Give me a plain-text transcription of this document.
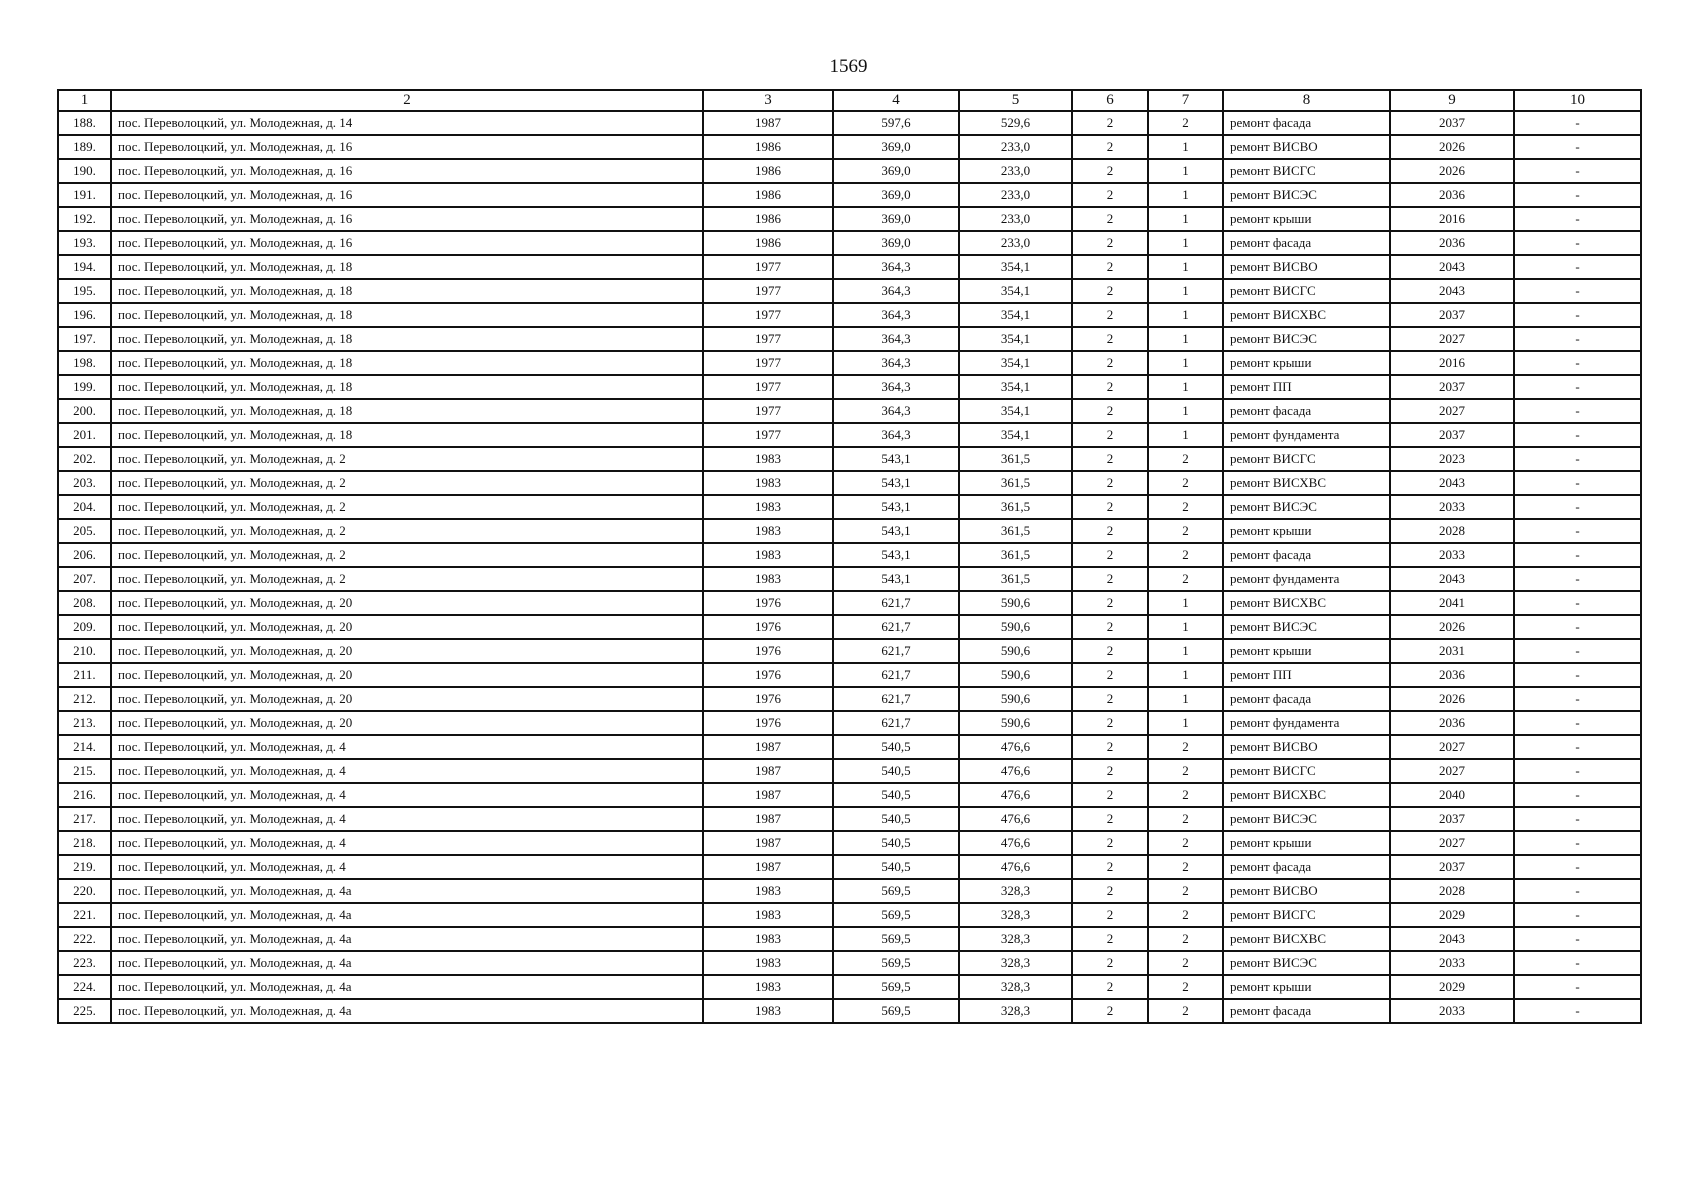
1569
1	2	3	4	5	6	7	8	9	10
188.	пос. Переволоцкий, ул. Молодежная, д. 14	1987	597,6	529,6	2	2	ремонт фасада	2037	-
189.	пос. Переволоцкий, ул. Молодежная, д. 16	1986	369,0	233,0	2	1	ремонт ВИСВО	2026	-
190.	пос. Переволоцкий, ул. Молодежная, д. 16	1986	369,0	233,0	2	1	ремонт ВИСГС	2026	-
191.	пос. Переволоцкий, ул. Молодежная, д. 16	1986	369,0	233,0	2	1	ремонт ВИСЭС	2036	-
192.	пос. Переволоцкий, ул. Молодежная, д. 16	1986	369,0	233,0	2	1	ремонт крыши	2016	-
193.	пос. Переволоцкий, ул. Молодежная, д. 16	1986	369,0	233,0	2	1	ремонт фасада	2036	-
194.	пос. Переволоцкий, ул. Молодежная, д. 18	1977	364,3	354,1	2	1	ремонт ВИСВО	2043	-
195.	пос. Переволоцкий, ул. Молодежная, д. 18	1977	364,3	354,1	2	1	ремонт ВИСГС	2043	-
196.	пос. Переволоцкий, ул. Молодежная, д. 18	1977	364,3	354,1	2	1	ремонт ВИСХВС	2037	-
197.	пос. Переволоцкий, ул. Молодежная, д. 18	1977	364,3	354,1	2	1	ремонт ВИСЭС	2027	-
198.	пос. Переволоцкий, ул. Молодежная, д. 18	1977	364,3	354,1	2	1	ремонт крыши	2016	-
199.	пос. Переволоцкий, ул. Молодежная, д. 18	1977	364,3	354,1	2	1	ремонт ПП	2037	-
200.	пос. Переволоцкий, ул. Молодежная, д. 18	1977	364,3	354,1	2	1	ремонт фасада	2027	-
201.	пос. Переволоцкий, ул. Молодежная, д. 18	1977	364,3	354,1	2	1	ремонт фундамента	2037	-
202.	пос. Переволоцкий, ул. Молодежная, д. 2	1983	543,1	361,5	2	2	ремонт ВИСГС	2023	-
203.	пос. Переволоцкий, ул. Молодежная, д. 2	1983	543,1	361,5	2	2	ремонт ВИСХВС	2043	-
204.	пос. Переволоцкий, ул. Молодежная, д. 2	1983	543,1	361,5	2	2	ремонт ВИСЭС	2033	-
205.	пос. Переволоцкий, ул. Молодежная, д. 2	1983	543,1	361,5	2	2	ремонт крыши	2028	-
206.	пос. Переволоцкий, ул. Молодежная, д. 2	1983	543,1	361,5	2	2	ремонт фасада	2033	-
207.	пос. Переволоцкий, ул. Молодежная, д. 2	1983	543,1	361,5	2	2	ремонт фундамента	2043	-
208.	пос. Переволоцкий, ул. Молодежная, д. 20	1976	621,7	590,6	2	1	ремонт ВИСХВС	2041	-
209.	пос. Переволоцкий, ул. Молодежная, д. 20	1976	621,7	590,6	2	1	ремонт ВИСЭС	2026	-
210.	пос. Переволоцкий, ул. Молодежная, д. 20	1976	621,7	590,6	2	1	ремонт крыши	2031	-
211.	пос. Переволоцкий, ул. Молодежная, д. 20	1976	621,7	590,6	2	1	ремонт ПП	2036	-
212.	пос. Переволоцкий, ул. Молодежная, д. 20	1976	621,7	590,6	2	1	ремонт фасада	2026	-
213.	пос. Переволоцкий, ул. Молодежная, д. 20	1976	621,7	590,6	2	1	ремонт фундамента	2036	-
214.	пос. Переволоцкий, ул. Молодежная, д. 4	1987	540,5	476,6	2	2	ремонт ВИСВО	2027	-
215.	пос. Переволоцкий, ул. Молодежная, д. 4	1987	540,5	476,6	2	2	ремонт ВИСГС	2027	-
216.	пос. Переволоцкий, ул. Молодежная, д. 4	1987	540,5	476,6	2	2	ремонт ВИСХВС	2040	-
217.	пос. Переволоцкий, ул. Молодежная, д. 4	1987	540,5	476,6	2	2	ремонт ВИСЭС	2037	-
218.	пос. Переволоцкий, ул. Молодежная, д. 4	1987	540,5	476,6	2	2	ремонт крыши	2027	-
219.	пос. Переволоцкий, ул. Молодежная, д. 4	1987	540,5	476,6	2	2	ремонт фасада	2037	-
220.	пос. Переволоцкий, ул. Молодежная, д. 4а	1983	569,5	328,3	2	2	ремонт ВИСВО	2028	-
221.	пос. Переволоцкий, ул. Молодежная, д. 4а	1983	569,5	328,3	2	2	ремонт ВИСГС	2029	-
222.	пос. Переволоцкий, ул. Молодежная, д. 4а	1983	569,5	328,3	2	2	ремонт ВИСХВС	2043	-
223.	пос. Переволоцкий, ул. Молодежная, д. 4а	1983	569,5	328,3	2	2	ремонт ВИСЭС	2033	-
224.	пос. Переволоцкий, ул. Молодежная, д. 4а	1983	569,5	328,3	2	2	ремонт крыши	2029	-
225.	пос. Переволоцкий, ул. Молодежная, д. 4а	1983	569,5	328,3	2	2	ремонт фасада	2033	-
